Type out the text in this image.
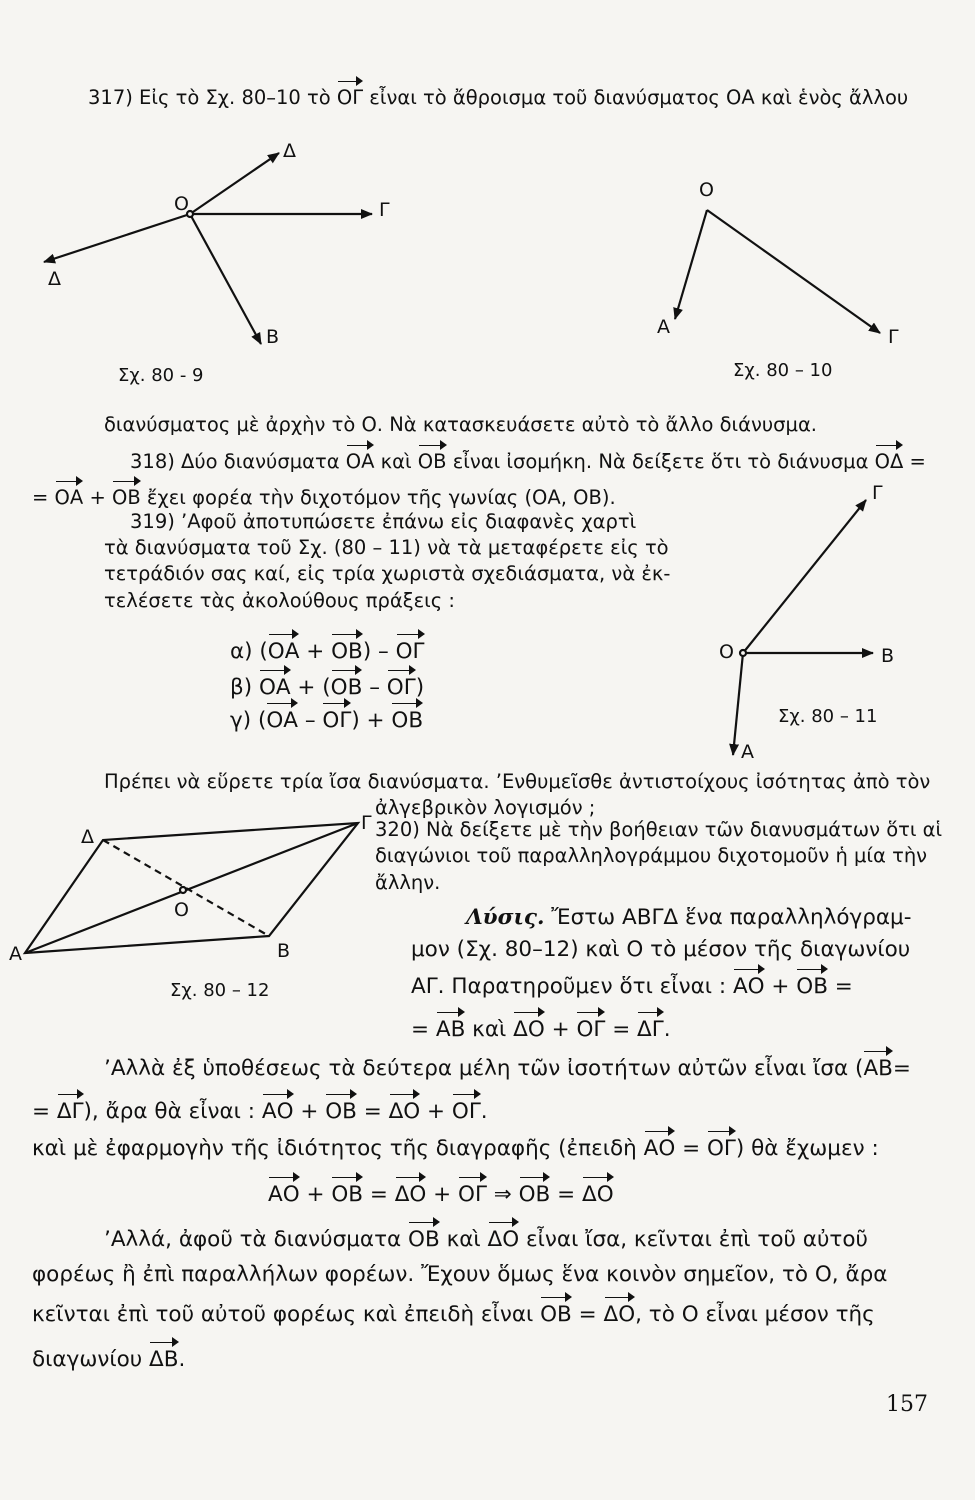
Δ
O	Γ
Δ
B
Σχ. 80 - 9
O
A	Γ
Σχ. 80 – 10
Γ
O	B
Σχ. 80 – 11
A
Δ
Γ
O
A	B
Σχ. 80 – 12
317) Εἰς τὸ Σχ. 80–10 τὸ ΟΓ εἶναι τὸ ἄθροισμα τοῦ διανύσματος ΟΑ καὶ ἑνὸς ἄλλου
διανύσματος μὲ ἀρχὴν τὸ Ο. Νὰ κατασκευάσετε αὐτὸ τὸ ἄλλο διάνυσμα.
318) Δύο διανύσματα ΟΑ καὶ ΟΒ εἶναι ἰσομήκη. Νὰ δείξετε ὅτι τὸ διάνυσμα ΟΔ =
= ΟΑ + ΟΒ ἔχει φορέα τὴν διχοτόμον τῆς γωνίας (ΟΑ, ΟΒ).
319) ’Αφοῦ ἀποτυπώσετε ἐπάνω εἰς διαφανὲς χαρτὶ
τὰ διανύσματα τοῦ Σχ. (80 – 11) νὰ τὰ μεταφέρετε εἰς τὸ
τετράδιόν σας καί, εἰς τρία χωριστὰ σχεδιάσματα, νὰ ἐκ-
τελέσετε τὰς ἀκολούθους πράξεις :
α) (ΟΑ + ΟΒ) – ΟΓ
β) ΟΑ + (ΟΒ – ΟΓ)
γ) (ΟΑ – ΟΓ) + ΟΒ
Πρέπει νὰ εὕρετε τρία ἴσα διανύσματα. ’Ενθυμεῖσθε ἀντιστοίχους ἰσότητας ἀπὸ τὸν
ἀλγεβρικὸν λογισμόν ;
320) Νὰ δείξετε μὲ τὴν βοήθειαν τῶν διανυσμάτων ὅτι αἱ
διαγώνιοι τοῦ παραλληλογράμμου διχοτομοῦν ἡ μία τὴν
ἄλλην.
Λύσις. Ἔστω ΑΒΓΔ ἕνα παραλληλόγραμ-
μον (Σχ. 80–12) καὶ Ο τὸ μέσον τῆς διαγωνίου
ΑΓ. Παρατηροῦμεν ὅτι εἶναι : ΑΟ + ΟΒ =
= ΑΒ καὶ ΔΟ + ΟΓ = ΔΓ.
’Αλλὰ ἐξ ὑποθέσεως τὰ δεύτερα μέλη τῶν ἰσοτήτων αὐτῶν εἶναι ἴσα (ΑΒ=
= ΔΓ), ἄρα θὰ εἶναι : ΑΟ + ΟΒ = ΔΟ + ΟΓ.
καὶ μὲ ἐφαρμογὴν τῆς ἰδιότητος τῆς διαγραφῆς (ἐπειδὴ ΑΟ = ΟΓ) θὰ ἔχωμεν :
ΑΟ + ΟΒ = ΔΟ + ΟΓ ⇒ ΟΒ = ΔΟ
’Αλλά, ἀφοῦ τὰ διανύσματα ΟΒ καὶ ΔΟ εἶναι ἴσα, κεῖνται ἐπὶ τοῦ αὐτοῦ
φορέως ἢ ἐπὶ παραλλήλων φορέων. Ἔχουν ὅμως ἕνα κοινὸν σημεῖον, τὸ Ο, ἄρα
κεῖνται ἐπὶ τοῦ αὐτοῦ φορέως καὶ ἐπειδὴ εἶναι ΟΒ = ΔΟ, τὸ Ο εἶναι μέσον τῆς
διαγωνίου ΔΒ.
157
